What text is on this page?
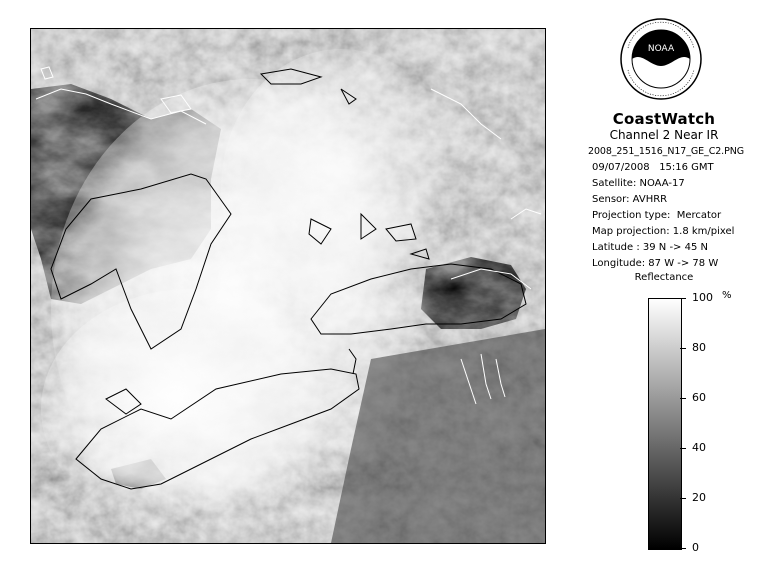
NOAA
CoastWatch
Channel 2 Near IR
2008_251_1516_N17_GE_C2.PNG
09/07/2008 15:16 GMT
Satellite: NOAA-17
Sensor: AVHRR
Projection type:  Mercator
Map projection: 1.8 km/pixel
Latitude : 39 N -> 45 N
Longitude: 87 W -> 78 W
Reflectance
%
100
80
60
40
20
0
